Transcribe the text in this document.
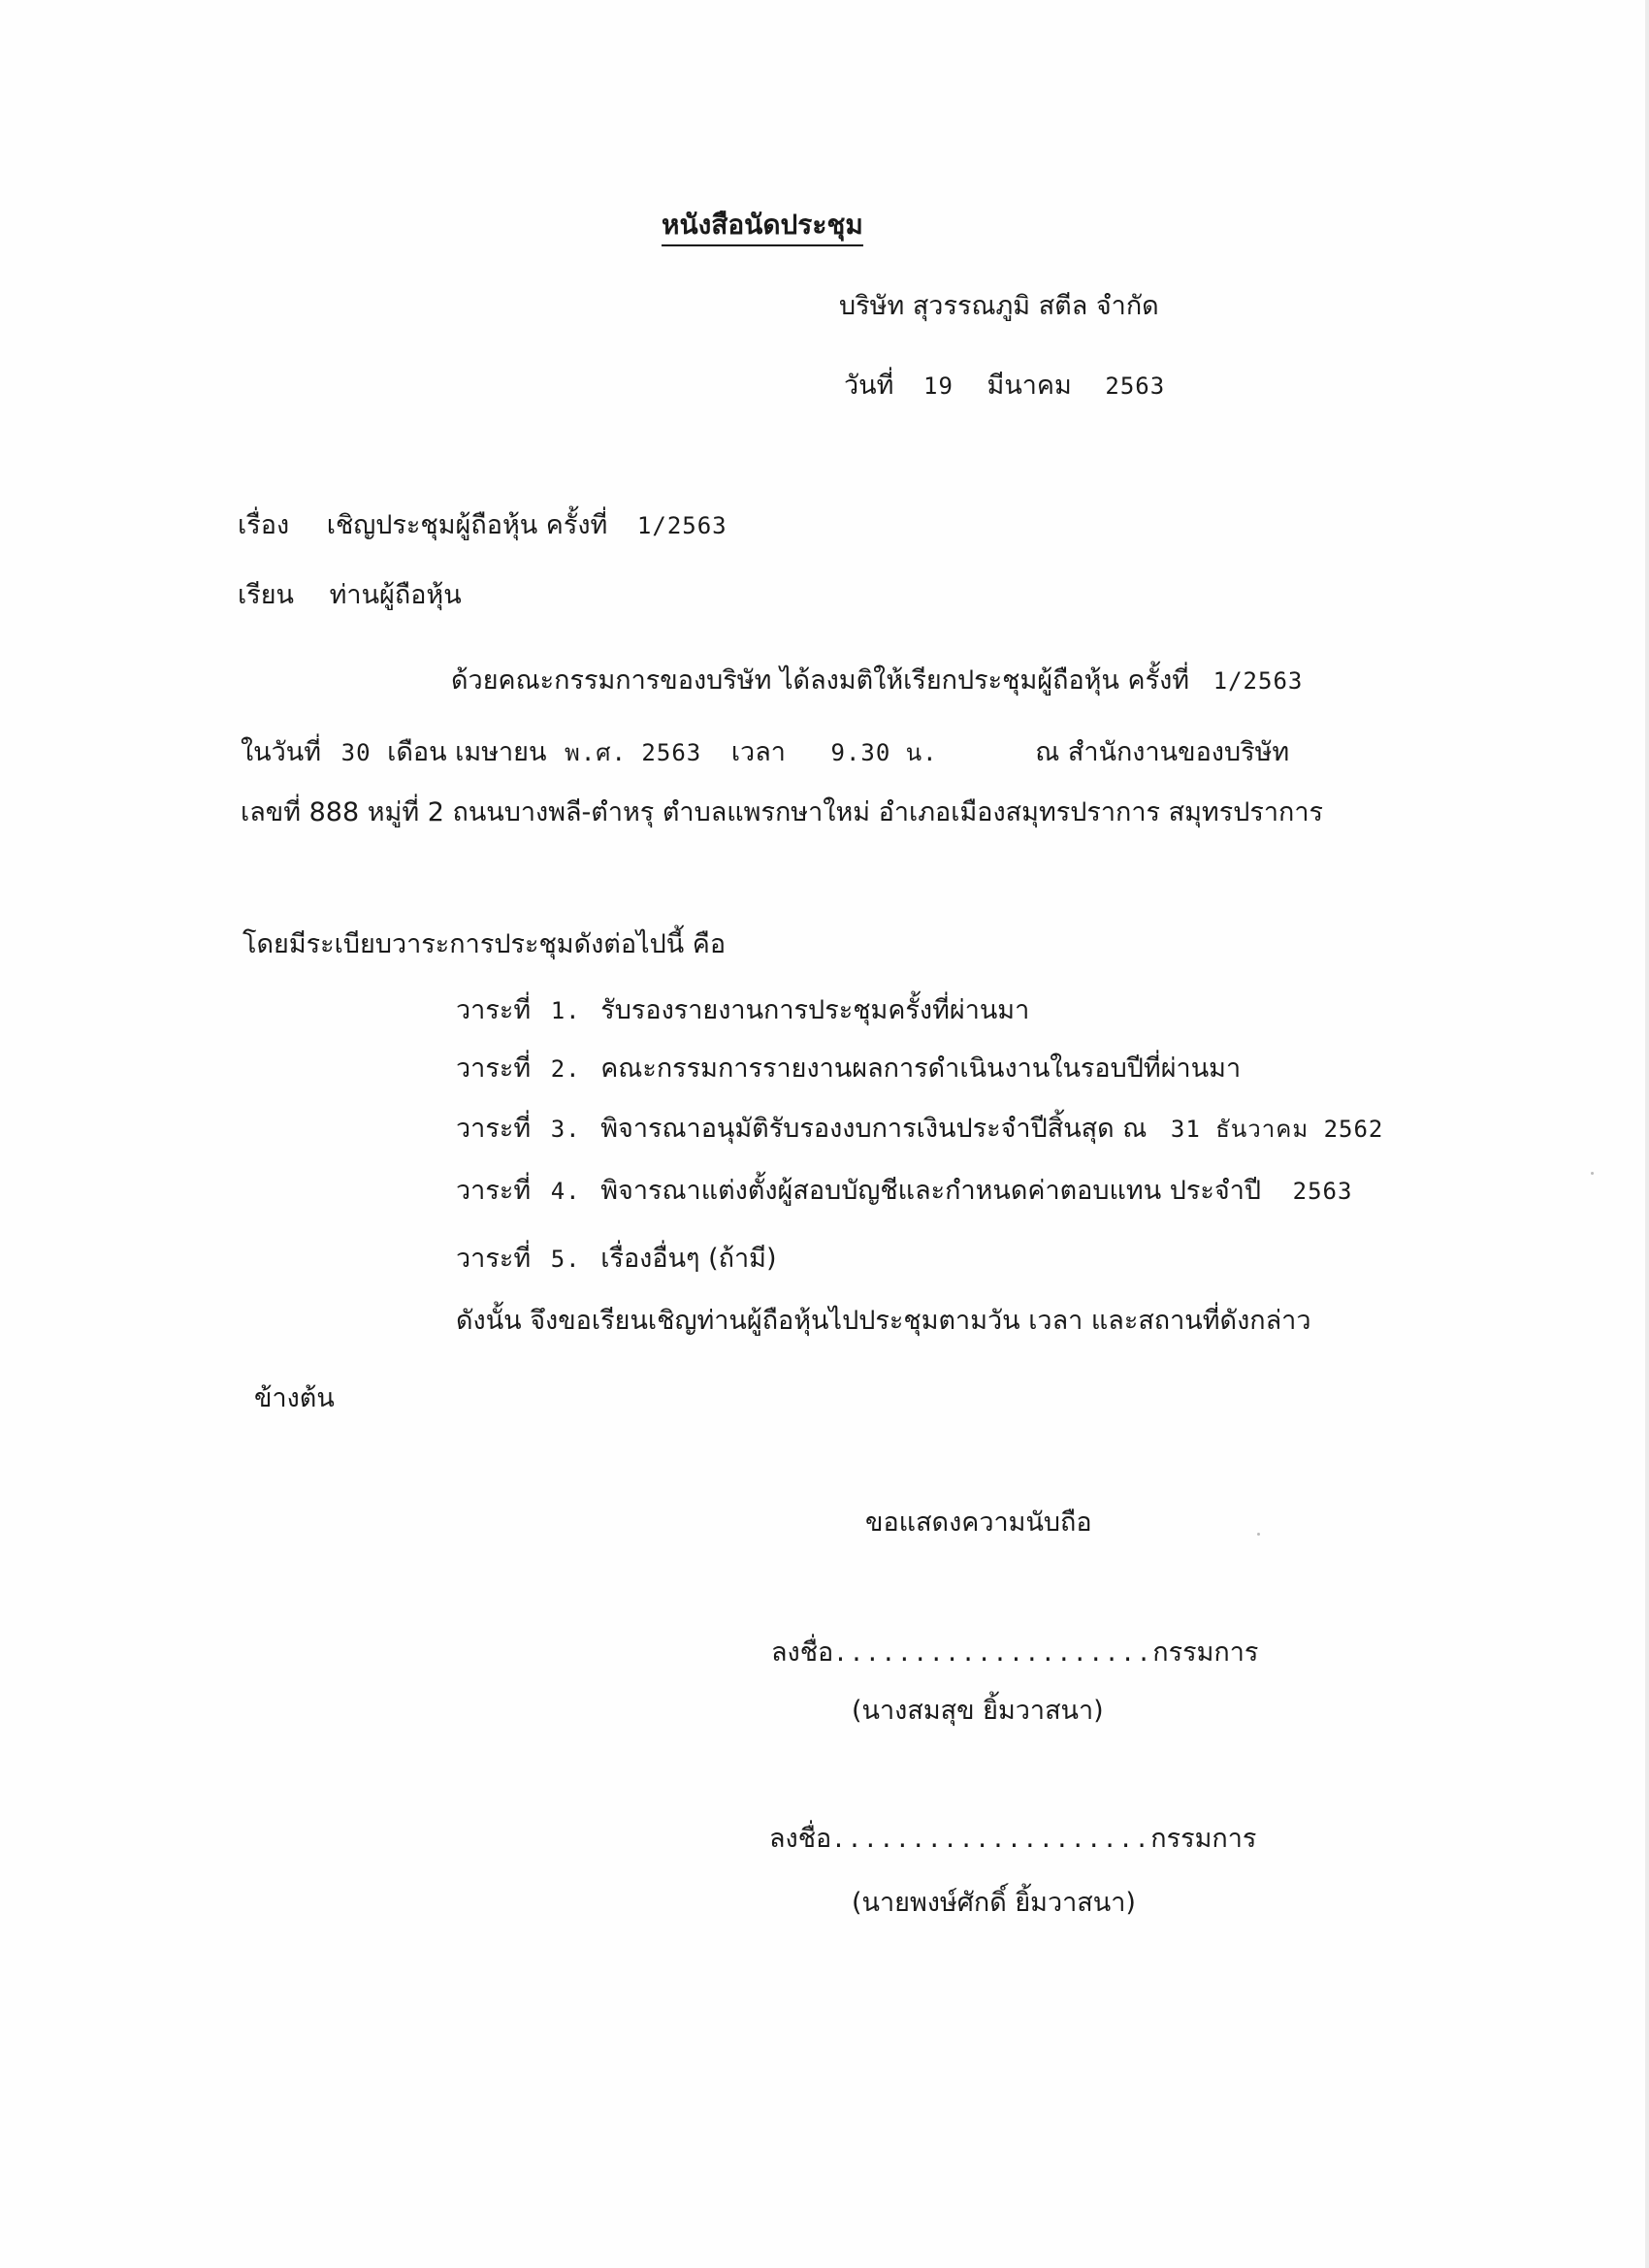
หนังสือนัดประชุม
บริษัท สุวรรณภูมิ สตีล จำกัด
วันที่ 19 มีนาคม 2563
เรื่อง เชิญประชุมผู้ถือหุ้น ครั้งที่ 1/2563
เรียน ท่านผู้ถือหุ้น
ด้วยคณะกรรมการของบริษัท ได้ลงมติให้เรียกประชุมผู้ถือหุ้น ครั้งที่ 1/2563
ในวันที่ 30 เดือน เมษายน พ.ศ. 2563 เวลา 9.30 น.	ณ สำนักงานของบริษัท
เลขที่ 888 หมู่ที่ 2 ถนนบางพลี-ตำหรุ ตำบลแพรกษาใหม่ อำเภอเมืองสมุทรปราการ สมุทรปราการ
โดยมีระเบียบวาระการประชุมดังต่อไปนี้ คือ
วาระที่ 1. รับรองรายงานการประชุมครั้งที่ผ่านมา
วาระที่ 2. คณะกรรมการรายงานผลการดำเนินงานในรอบปีที่ผ่านมา
วาระที่ 3. พิจารณาอนุมัติรับรองงบการเงินประจำปีสิ้นสุด ณ 31 ธันวาคม 2562
วาระที่ 4. พิจารณาแต่งตั้งผู้สอบบัญชีและกำหนดค่าตอบแทน ประจำปี 2563
วาระที่ 5. เรื่องอื่นๆ (ถ้ามี)
ดังนั้น จึงขอเรียนเชิญท่านผู้ถือหุ้นไปประชุมตามวัน เวลา และสถานที่ดังกล่าว
ข้างต้น
ขอแสดงความนับถือ
ลงชื่อ....................กรรมการ
(นางสมสุข ยิ้มวาสนา)
ลงชื่อ....................กรรมการ
(นายพงษ์ศักดิ์ ยิ้มวาสนา)
